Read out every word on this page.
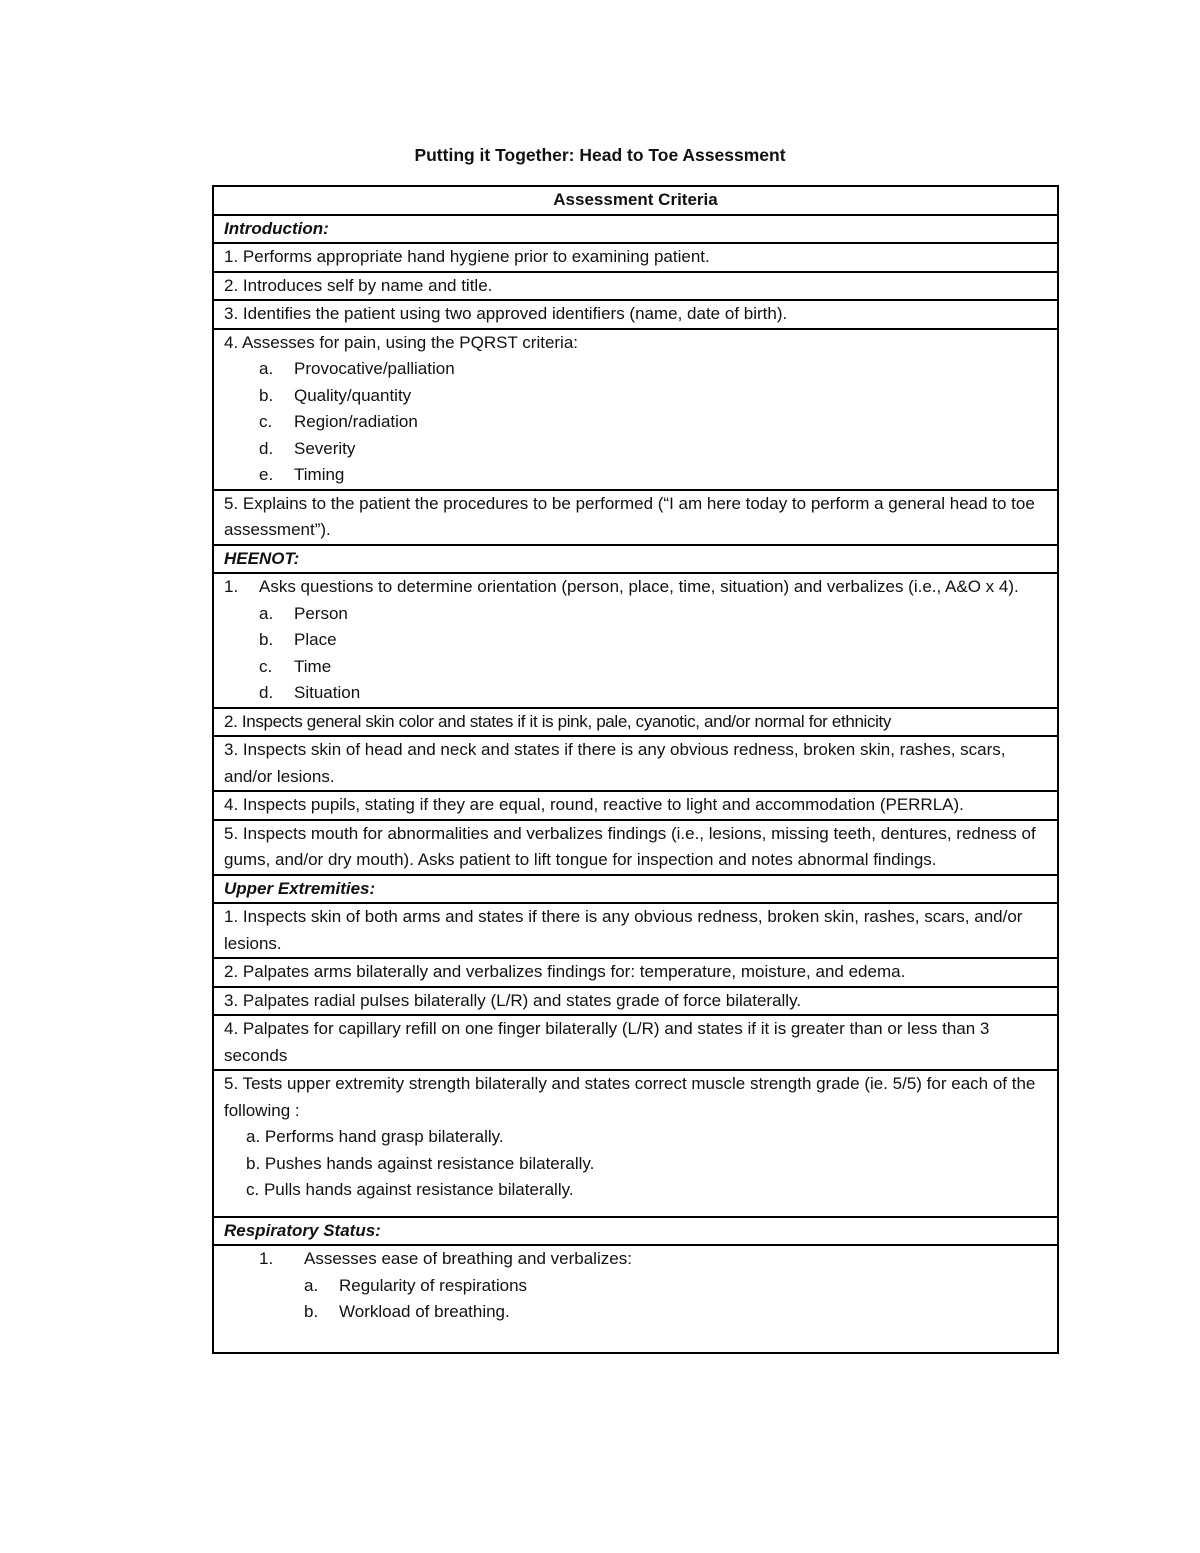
Putting it Together: Head to Toe Assessment
Assessment Criteria
Introduction:
1. Performs appropriate hand hygiene prior to examining patient.
2. Introduces self by name and title.
3. Identifies the patient using two approved identifiers (name, date of birth).

4. Assesses for pain, using the PQRST criteria:
a. Provocative/palliation
b. Quality/quantity
c. Region/radiation
d. Severity
e. Timing

5. Explains to the patient the procedures to be performed (“I am here today to perform a general head to toe assessment”).
HEENOT:

1. Asks questions to determine orientation (person, place, time, situation) and verbalizes (i.e., A&O x 4).
a. Person
b. Place
c. Time
d. Situation

2. Inspects general skin color and states if it is pink, pale, cyanotic, and/or normal for ethnicity
3. Inspects skin of head and neck and states if there is any obvious redness, broken skin, rashes, scars, and/or lesions.
4. Inspects pupils, stating if they are equal, round, reactive to light and accommodation (PERRLA).
5. Inspects mouth for abnormalities and verbalizes findings (i.e., lesions, missing teeth, dentures, redness of gums, and/or dry mouth). Asks patient to lift tongue for inspection and notes abnormal findings.
Upper Extremities:
1. Inspects skin of both arms and states if there is any obvious redness, broken skin, rashes, scars, and/or lesions.
2. Palpates arms bilaterally and verbalizes findings for: temperature, moisture, and edema.
3. Palpates radial pulses bilaterally (L/R) and states grade of force bilaterally.
4. Palpates for capillary refill on one finger bilaterally (L/R) and states if it is greater than or less than 3 seconds

5. Tests upper extremity strength bilaterally and states correct muscle strength grade (ie. 5/5) for each of the following :
a. Performs hand grasp bilaterally.
b. Pushes hands against resistance bilaterally.
c. Pulls hands against resistance bilaterally.

Respiratory Status:

1. Assesses ease of breathing and verbalizes:
a. Regularity of respirations
b. Workload of breathing.
